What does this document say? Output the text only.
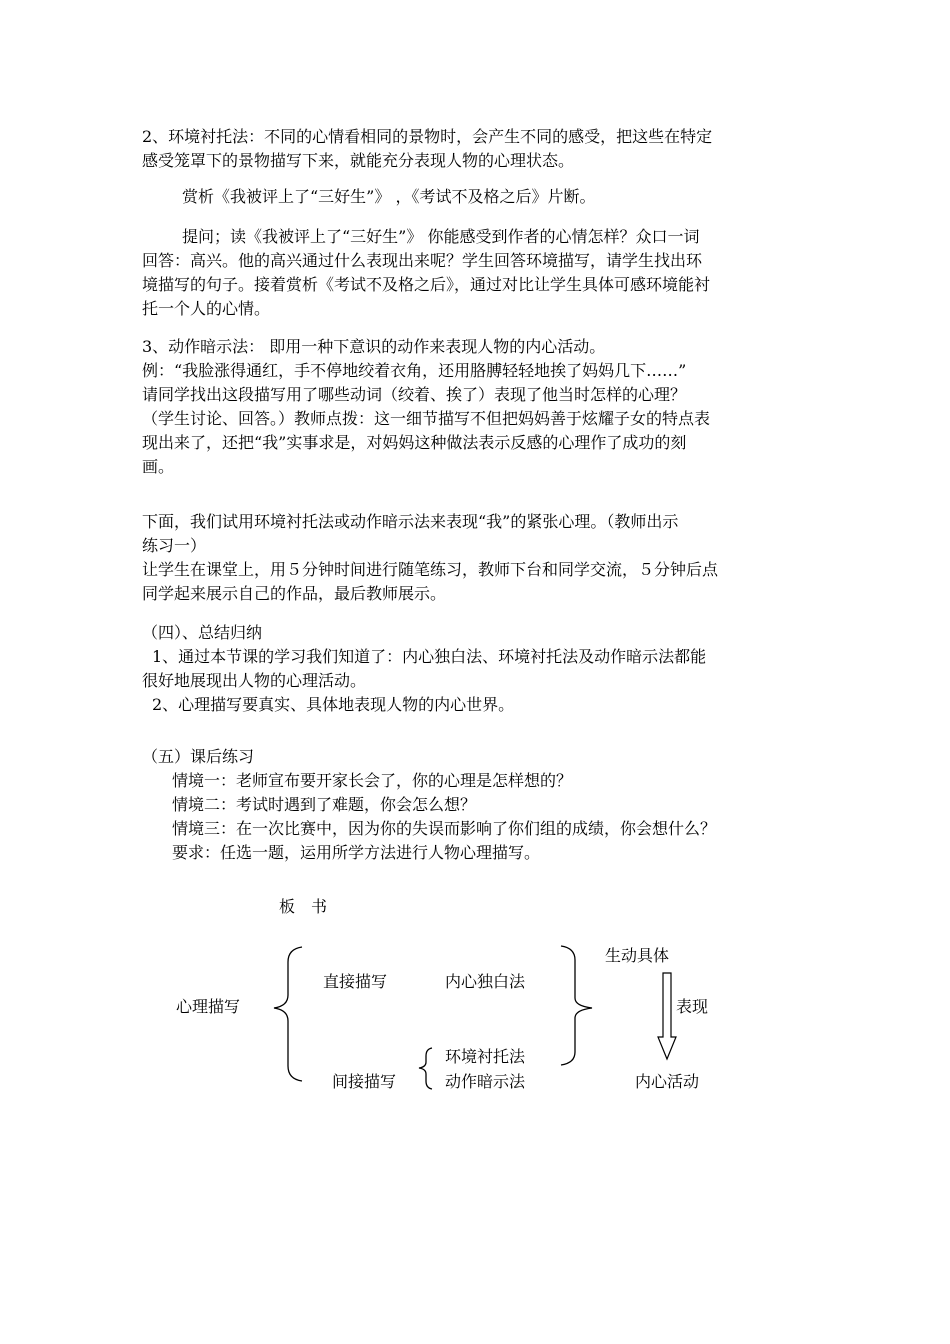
2、环境衬托法：不同的心情看相同的景物时，会产生不同的感受，把这些在特定
感受笼罩下的景物描写下来，就能充分表现人物的心理状态。
赏析《我被评上了“三好生”》 ，《考试不及格之后》片断。
提问；读《我被评上了“三好生”》 你能感受到作者的心情怎样？众口一词
回答：高兴。他的高兴通过什么表现出来呢？学生回答环境描写，请学生找出环
境描写的句子。接着赏析《考试不及格之后》，通过对比让学生具体可感环境能衬
托一个人的心情。
3、动作暗示法： 即用一种下意识的动作来表现人物的内心活动。
例：“我脸涨得通红，手不停地绞着衣角，还用胳膊轻轻地挨了妈妈几下……”
请同学找出这段描写用了哪些动词（绞着、挨了）表现了他当时怎样的心理？
（学生讨论、回答。）教师点拨：这一细节描写不但把妈妈善于炫耀子女的特点表
现出来了，还把“我”实事求是，对妈妈这种做法表示反感的心理作了成功的刻
画。
下面，我们试用环境衬托法或动作暗示法来表现“我”的紧张心理。（教师出示
练习一）
让学生在课堂上，用５分钟时间进行随笔练习，教师下台和同学交流，５分钟后点
同学起来展示自己的作品，最后教师展示。
（四）、总结归纳
1、通过本节课的学习我们知道了：内心独白法、环境衬托法及动作暗示法都能
很好地展现出人物的心理活动。
2、心理描写要真实、具体地表现人物的内心世界。
（五）课后练习
情境一：老师宣布要开家长会了，你的心理是怎样想的？
情境二：考试时遇到了难题，你会怎么想？
情境三：在一次比赛中，因为你的失误而影响了你们组的成绩，你会想什么？
要求：任选一题，运用所学方法进行人物心理描写。
板　书
心理描写
直接描写	内心独白法
间接描写
环境衬托法
动作暗示法
生动具体
表现
内心活动
